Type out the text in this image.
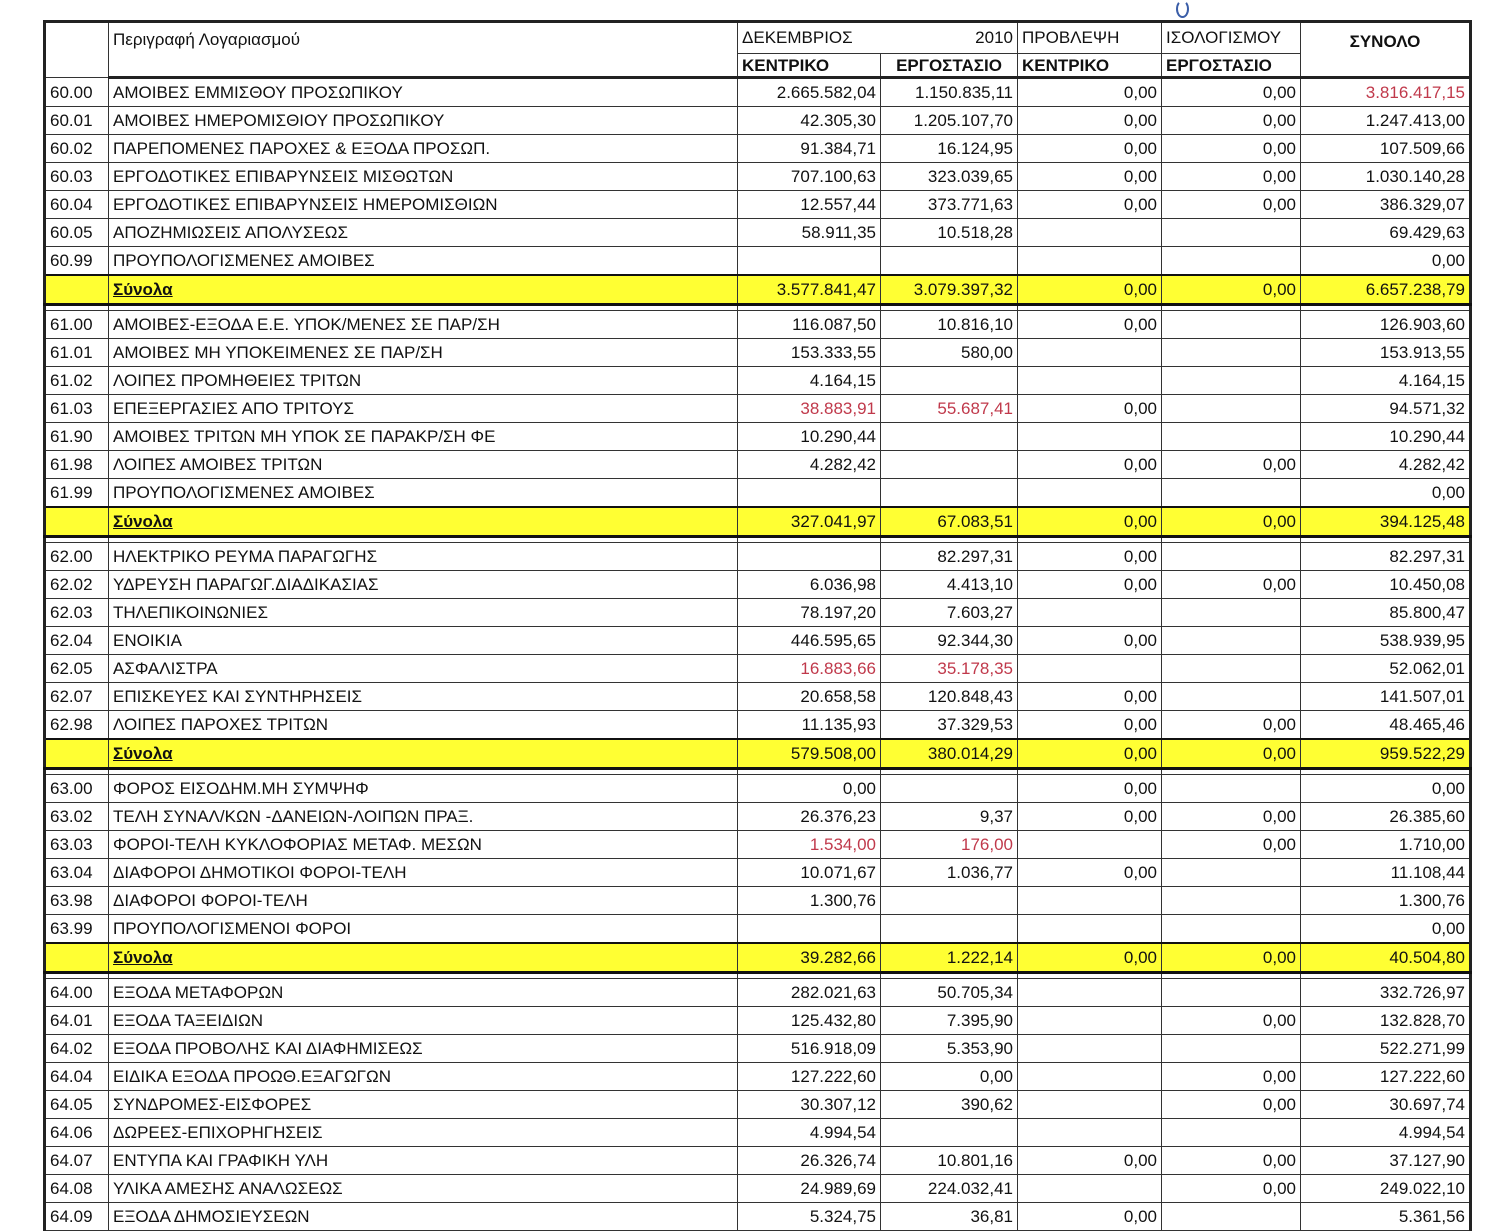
	Περιγραφή Λογαριασμού	ΔΕΚΕΜΒΡΙΟΣ 2010		ΠΡΟΒΛΕΨΗ	ΙΣΟΛΟΓΙΣΜΟΥ	ΣΥΝΟΛΟ
		ΚΕΝΤΡΙΚΟ	ΕΡΓΟΣΤΑΣΙΟ	ΚΕΝΤΡΙΚΟ	ΕΡΓΟΣΤΑΣΙΟ	
60.00	ΑΜΟΙΒΕΣ ΕΜΜΙΣΘΟΥ ΠΡΟΣΩΠΙΚΟΥ	2.665.582,04	1.150.835,11	0,00	0,00	3.816.417,15
60.01	ΑΜΟΙΒΕΣ ΗΜΕΡΟΜΙΣΘΙΟΥ ΠΡΟΣΩΠΙΚΟΥ	42.305,30	1.205.107,70	0,00	0,00	1.247.413,00
60.02	ΠΑΡΕΠΟΜΕΝΕΣ ΠΑΡΟΧΕΣ & ΕΞΟΔΑ ΠΡΟΣΩΠ.	91.384,71	16.124,95	0,00	0,00	107.509,66
60.03	ΕΡΓΟΔΟΤΙΚΕΣ ΕΠΙΒΑΡΥΝΣΕΙΣ ΜΙΣΘΩΤΩΝ	707.100,63	323.039,65	0,00	0,00	1.030.140,28
60.04	ΕΡΓΟΔΟΤΙΚΕΣ ΕΠΙΒΑΡΥΝΣΕΙΣ ΗΜΕΡΟΜΙΣΘΙΩΝ	12.557,44	373.771,63	0,00	0,00	386.329,07
60.05	ΑΠΟΖΗΜΙΩΣΕΙΣ ΑΠΟΛΥΣΕΩΣ	58.911,35	10.518,28			69.429,63
60.99	ΠΡΟΥΠΟΛΟΓΙΣΜΕΝΕΣ ΑΜΟΙΒΕΣ					0,00
	Σύνολα	3.577.841,47	3.079.397,32	0,00	0,00	6.657.238,79

61.00	ΑΜΟΙΒΕΣ-ΕΞΟΔΑ Ε.Ε. ΥΠΟΚ/ΜΕΝΕΣ ΣΕ ΠΑΡ/ΣΗ	116.087,50	10.816,10	0,00		126.903,60
61.01	ΑΜΟΙΒΕΣ ΜΗ ΥΠΟΚΕΙΜΕΝΕΣ ΣΕ ΠΑΡ/ΣΗ	153.333,55	580,00			153.913,55
61.02	ΛΟΙΠΕΣ ΠΡΟΜΗΘΕΙΕΣ ΤΡΙΤΩΝ	4.164,15				4.164,15
61.03	ΕΠΕΞΕΡΓΑΣΙΕΣ ΑΠΟ ΤΡΙΤΟΥΣ	38.883,91	55.687,41	0,00		94.571,32
61.90	ΑΜΟΙΒΕΣ ΤΡΙΤΩΝ ΜΗ ΥΠΟΚ ΣΕ ΠΑΡΑΚΡ/ΣΗ ΦΕ	10.290,44				10.290,44
61.98	ΛΟΙΠΕΣ ΑΜΟΙΒΕΣ ΤΡΙΤΩΝ	4.282,42		0,00	0,00	4.282,42
61.99	ΠΡΟΥΠΟΛΟΓΙΣΜΕΝΕΣ ΑΜΟΙΒΕΣ					0,00
	Σύνολα	327.041,97	67.083,51	0,00	0,00	394.125,48

62.00	ΗΛΕΚΤΡΙΚΟ ΡΕΥΜΑ ΠΑΡΑΓΩΓΗΣ		82.297,31	0,00		82.297,31
62.02	ΥΔΡΕΥΣΗ ΠΑΡΑΓΩΓ.ΔΙΑΔΙΚΑΣΙΑΣ	6.036,98	4.413,10	0,00	0,00	10.450,08
62.03	ΤΗΛΕΠΙΚΟΙΝΩΝΙΕΣ	78.197,20	7.603,27			85.800,47
62.04	ΕΝΟΙΚΙΑ	446.595,65	92.344,30	0,00		538.939,95
62.05	ΑΣΦΑΛΙΣΤΡΑ	16.883,66	35.178,35			52.062,01
62.07	ΕΠΙΣΚΕΥΕΣ ΚΑΙ ΣΥΝΤΗΡΗΣΕΙΣ	20.658,58	120.848,43	0,00		141.507,01
62.98	ΛΟΙΠΕΣ ΠΑΡΟΧΕΣ ΤΡΙΤΩΝ	11.135,93	37.329,53	0,00	0,00	48.465,46
	Σύνολα	579.508,00	380.014,29	0,00	0,00	959.522,29

63.00	ΦΟΡΟΣ ΕΙΣΟΔΗΜ.ΜΗ ΣΥΜΨΗΦ	0,00		0,00		0,00
63.02	ΤΕΛΗ ΣΥΝΑΛ/ΚΩΝ -ΔΑΝΕΙΩΝ-ΛΟΙΠΩΝ ΠΡΑΞ.	26.376,23	9,37	0,00	0,00	26.385,60
63.03	ΦΟΡΟΙ-ΤΕΛΗ ΚΥΚΛΟΦΟΡΙΑΣ ΜΕΤΑΦ. ΜΕΣΩΝ	1.534,00	176,00		0,00	1.710,00
63.04	ΔΙΑΦΟΡΟΙ ΔΗΜΟΤΙΚΟΙ ΦΟΡΟΙ-ΤΕΛΗ	10.071,67	1.036,77	0,00		11.108,44
63.98	ΔΙΑΦΟΡΟΙ ΦΟΡΟΙ-ΤΕΛΗ	1.300,76				1.300,76
63.99	ΠΡΟΥΠΟΛΟΓΙΣΜΕΝΟΙ ΦΟΡΟΙ					0,00
	Σύνολα	39.282,66	1.222,14	0,00	0,00	40.504,80

64.00	ΕΞΟΔΑ ΜΕΤΑΦΟΡΩΝ	282.021,63	50.705,34			332.726,97
64.01	ΕΞΟΔΑ ΤΑΞΕΙΔΙΩΝ	125.432,80	7.395,90		0,00	132.828,70
64.02	ΕΞΟΔΑ ΠΡΟΒΟΛΗΣ ΚΑΙ ΔΙΑΦΗΜΙΣΕΩΣ	516.918,09	5.353,90			522.271,99
64.04	ΕΙΔΙΚΑ ΕΞΟΔΑ ΠΡΟΩΘ.ΕΞΑΓΩΓΩΝ	127.222,60	0,00		0,00	127.222,60
64.05	ΣΥΝΔΡΟΜΕΣ-ΕΙΣΦΟΡΕΣ	30.307,12	390,62		0,00	30.697,74
64.06	ΔΩΡΕΕΣ-ΕΠΙΧΟΡΗΓΗΣΕΙΣ	4.994,54				4.994,54
64.07	ΕΝΤΥΠΑ ΚΑΙ ΓΡΑΦΙΚΗ ΥΛΗ	26.326,74	10.801,16	0,00	0,00	37.127,90
64.08	ΥΛΙΚΑ ΑΜΕΣΗΣ ΑΝΑΛΩΣΕΩΣ	24.989,69	224.032,41		0,00	249.022,10
64.09	ΕΞΟΔΑ ΔΗΜΟΣΙΕΥΣΕΩΝ	5.324,75	36,81	0,00		5.361,56
